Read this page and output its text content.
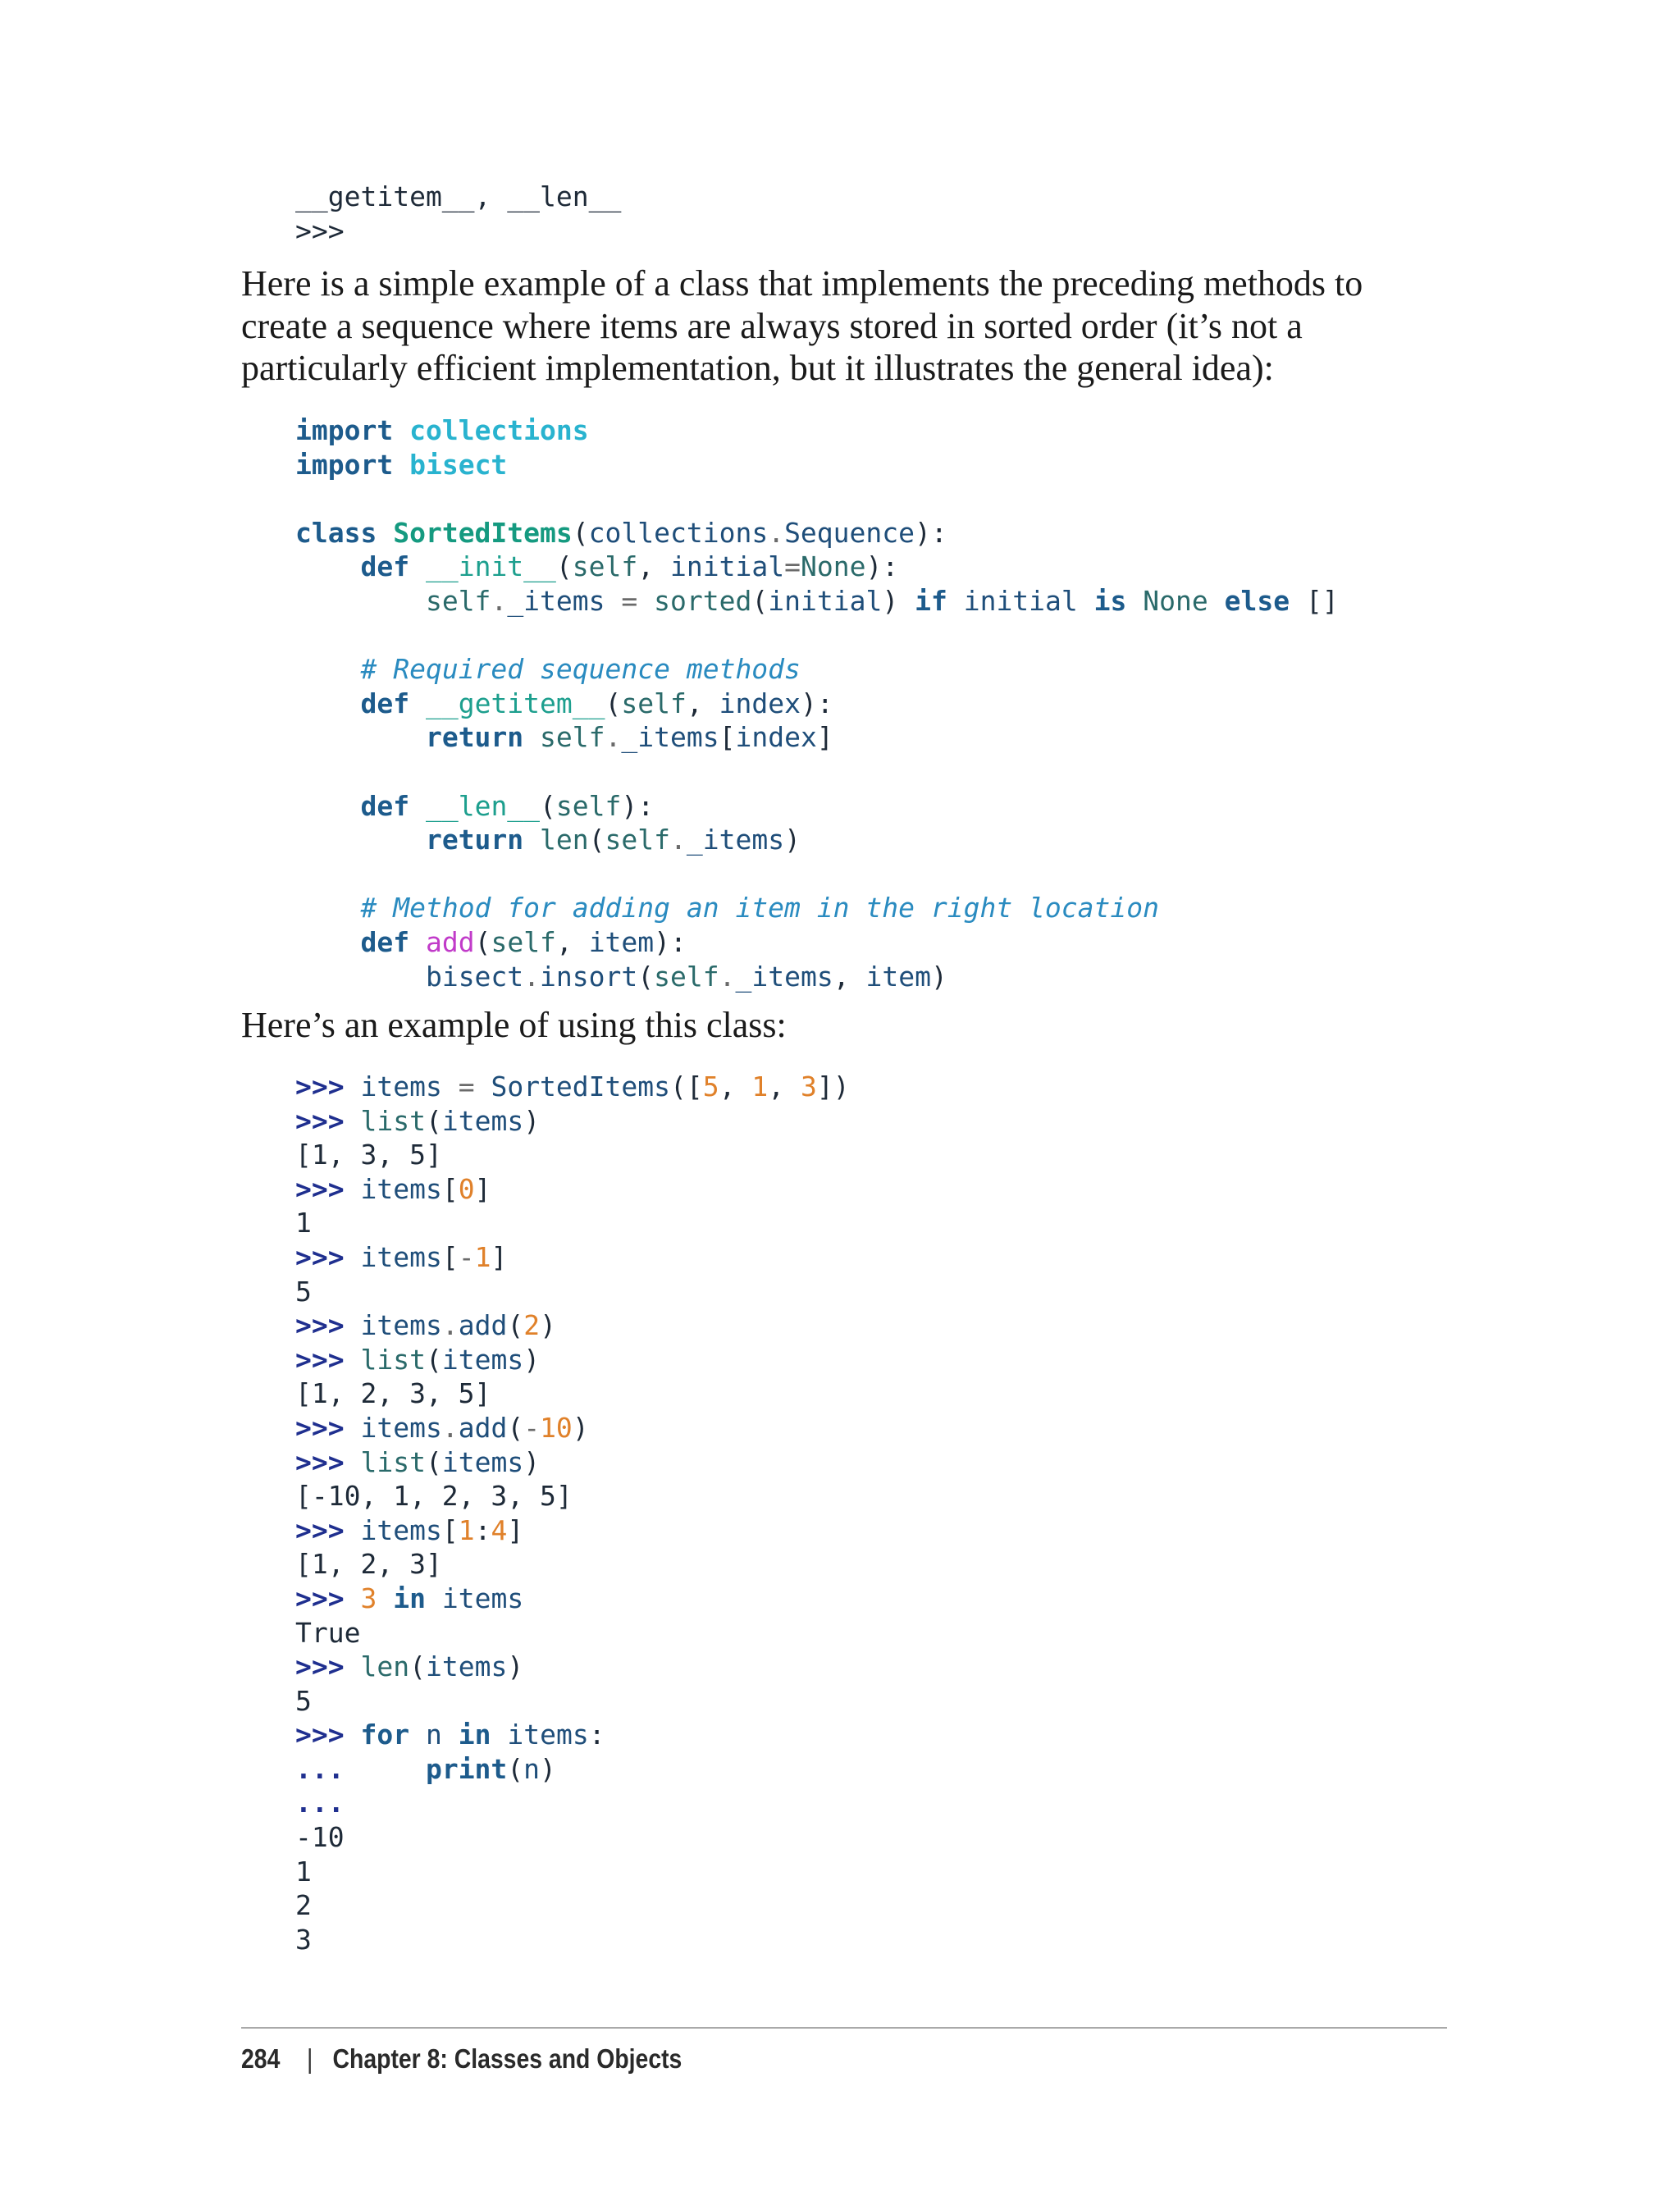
__getitem__, __len__
>>>

Here is a simple example of a class that implements the preceding methods to create a sequence where items are always stored in sorted order (it’s not a particularly efficient implementation, but it illustrates the general idea):

import collections
import bisect
class SortedItems(collections.Sequence):
def __init__(self, initial=None):
self._items = sorted(initial) if initial is None else []
# Required sequence methods
def __getitem__(self, index):
return self._items[index]
def __len__(self):
return len(self._items)
# Method for adding an item in the right location
def add(self, item):
bisect.insort(self._items, item)

Here’s an example of using this class:

>>> items = SortedItems([5, 1, 3])
>>> list(items)
[1, 3, 5]
>>> items[0]
1
>>> items[-1]
5
>>> items.add(2)
>>> list(items)
[1, 2, 3, 5]
>>> items.add(-10)
>>> list(items)
[-10, 1, 2, 3, 5]
>>> items[1:4]
[1, 2, 3]
>>> 3 in items
True
>>> len(items)
5
>>> for n in items:
...	print(n)
...
-10
1
2
3
284 | Chapter 8: Classes and Objects
